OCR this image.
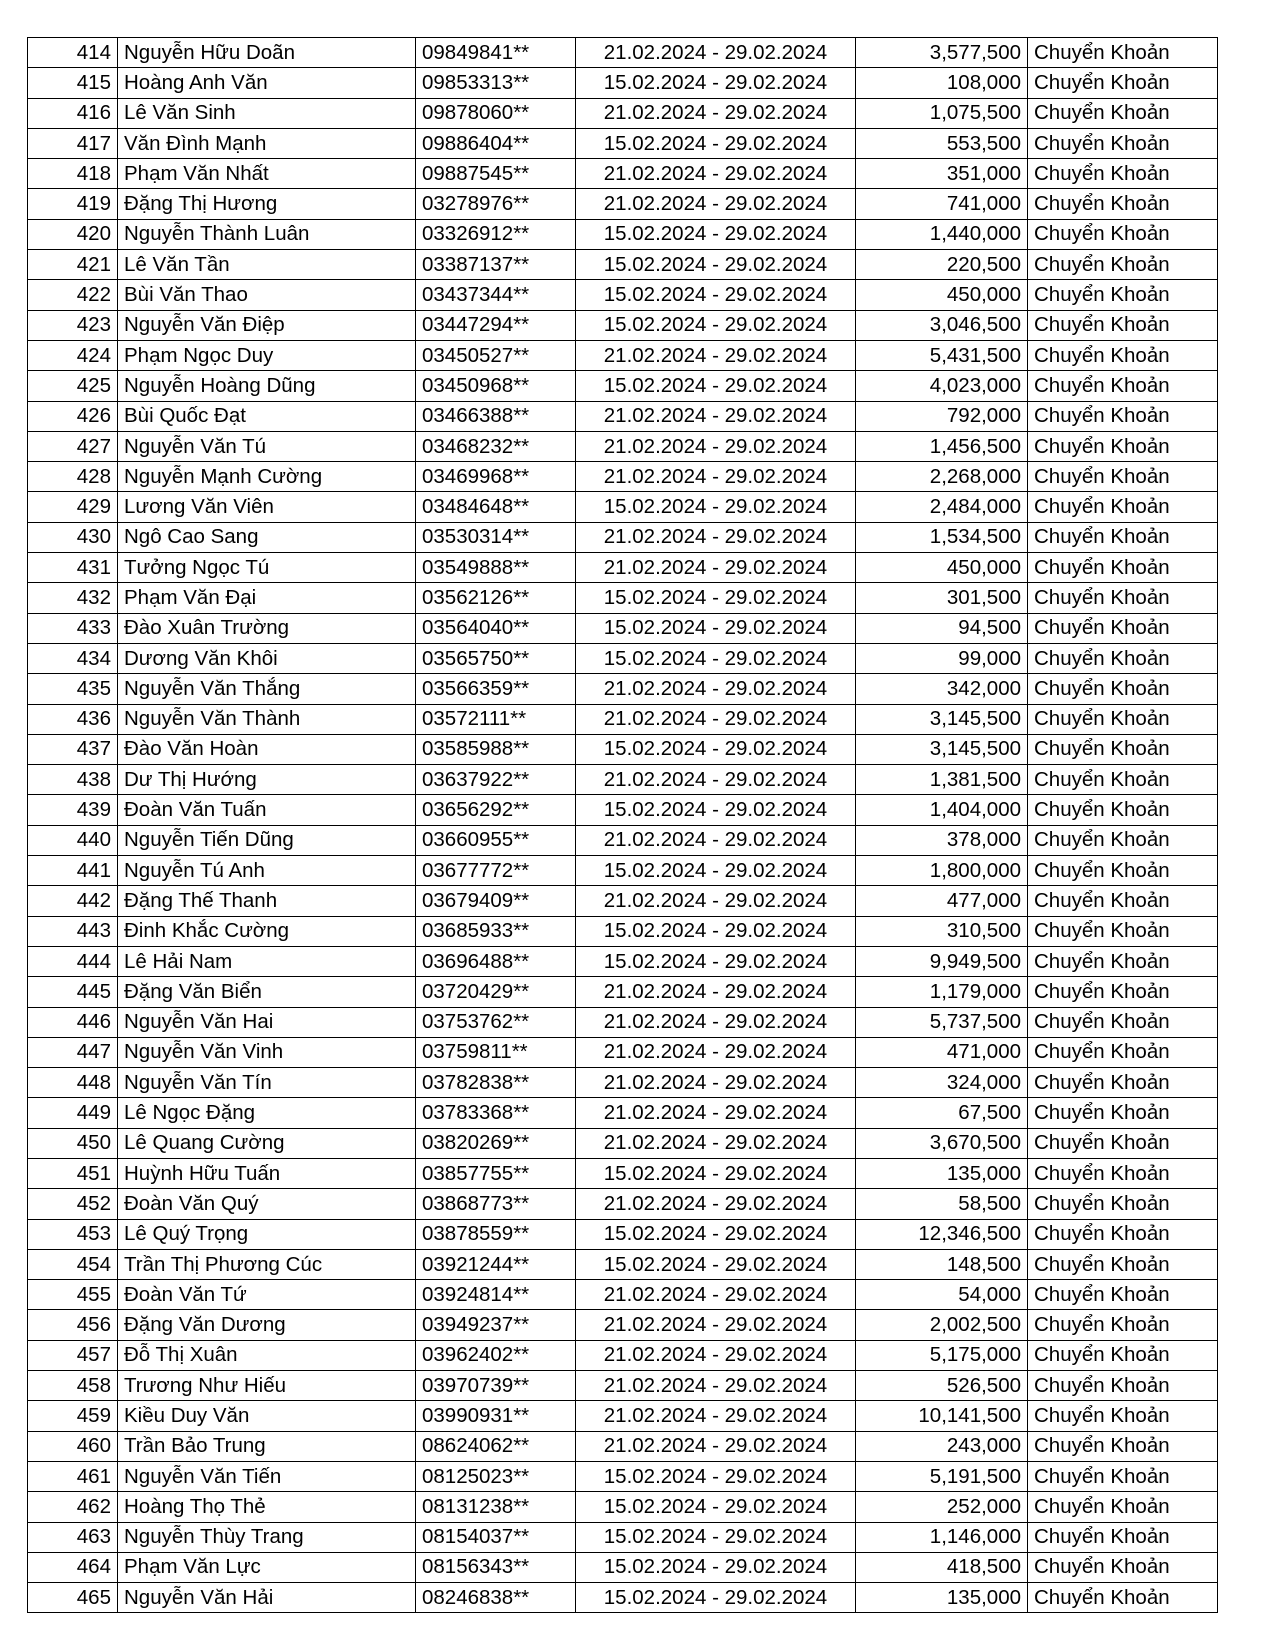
414	Nguyễn Hữu Doãn	09849841**	21.02.2024 - 29.02.2024	3,577,500	Chuyển Khoản
415	Hoàng Anh Văn	09853313**	15.02.2024 - 29.02.2024	108,000	Chuyển Khoản
416	Lê Văn Sinh	09878060**	21.02.2024 - 29.02.2024	1,075,500	Chuyển Khoản
417	Văn Đình Mạnh	09886404**	15.02.2024 - 29.02.2024	553,500	Chuyển Khoản
418	Phạm Văn Nhất	09887545**	21.02.2024 - 29.02.2024	351,000	Chuyển Khoản
419	Đặng Thị Hương	03278976**	21.02.2024 - 29.02.2024	741,000	Chuyển Khoản
420	Nguyễn Thành Luân	03326912**	15.02.2024 - 29.02.2024	1,440,000	Chuyển Khoản
421	Lê Văn Tần	03387137**	15.02.2024 - 29.02.2024	220,500	Chuyển Khoản
422	Bùi Văn Thao	03437344**	15.02.2024 - 29.02.2024	450,000	Chuyển Khoản
423	Nguyễn Văn Điệp	03447294**	15.02.2024 - 29.02.2024	3,046,500	Chuyển Khoản
424	Phạm Ngọc Duy	03450527**	21.02.2024 - 29.02.2024	5,431,500	Chuyển Khoản
425	Nguyễn Hoàng Dũng	03450968**	15.02.2024 - 29.02.2024	4,023,000	Chuyển Khoản
426	Bùi Quốc Đạt	03466388**	21.02.2024 - 29.02.2024	792,000	Chuyển Khoản
427	Nguyễn Văn Tú	03468232**	21.02.2024 - 29.02.2024	1,456,500	Chuyển Khoản
428	Nguyễn Mạnh Cường	03469968**	21.02.2024 - 29.02.2024	2,268,000	Chuyển Khoản
429	Lương Văn Viên	03484648**	15.02.2024 - 29.02.2024	2,484,000	Chuyển Khoản
430	Ngô Cao Sang	03530314**	21.02.2024 - 29.02.2024	1,534,500	Chuyển Khoản
431	Tưởng Ngọc Tú	03549888**	21.02.2024 - 29.02.2024	450,000	Chuyển Khoản
432	Phạm Văn Đại	03562126**	15.02.2024 - 29.02.2024	301,500	Chuyển Khoản
433	Đào Xuân Trường	03564040**	15.02.2024 - 29.02.2024	94,500	Chuyển Khoản
434	Dương Văn Khôi	03565750**	15.02.2024 - 29.02.2024	99,000	Chuyển Khoản
435	Nguyễn Văn Thắng	03566359**	21.02.2024 - 29.02.2024	342,000	Chuyển Khoản
436	Nguyễn Văn Thành	03572111**	21.02.2024 - 29.02.2024	3,145,500	Chuyển Khoản
437	Đào Văn Hoàn	03585988**	15.02.2024 - 29.02.2024	3,145,500	Chuyển Khoản
438	Dư Thị Hướng	03637922**	21.02.2024 - 29.02.2024	1,381,500	Chuyển Khoản
439	Đoàn Văn Tuấn	03656292**	15.02.2024 - 29.02.2024	1,404,000	Chuyển Khoản
440	Nguyễn Tiến Dũng	03660955**	21.02.2024 - 29.02.2024	378,000	Chuyển Khoản
441	Nguyễn Tú Anh	03677772**	15.02.2024 - 29.02.2024	1,800,000	Chuyển Khoản
442	Đặng Thế Thanh	03679409**	21.02.2024 - 29.02.2024	477,000	Chuyển Khoản
443	Đinh Khắc Cường	03685933**	15.02.2024 - 29.02.2024	310,500	Chuyển Khoản
444	Lê Hải Nam	03696488**	15.02.2024 - 29.02.2024	9,949,500	Chuyển Khoản
445	Đặng Văn Biển	03720429**	21.02.2024 - 29.02.2024	1,179,000	Chuyển Khoản
446	Nguyễn Văn Hai	03753762**	21.02.2024 - 29.02.2024	5,737,500	Chuyển Khoản
447	Nguyễn Văn Vinh	03759811**	21.02.2024 - 29.02.2024	471,000	Chuyển Khoản
448	Nguyễn Văn Tín	03782838**	21.02.2024 - 29.02.2024	324,000	Chuyển Khoản
449	Lê Ngọc Đặng	03783368**	21.02.2024 - 29.02.2024	67,500	Chuyển Khoản
450	Lê Quang Cường	03820269**	21.02.2024 - 29.02.2024	3,670,500	Chuyển Khoản
451	Huỳnh Hữu Tuấn	03857755**	15.02.2024 - 29.02.2024	135,000	Chuyển Khoản
452	Đoàn Văn Quý	03868773**	21.02.2024 - 29.02.2024	58,500	Chuyển Khoản
453	Lê Quý Trọng	03878559**	15.02.2024 - 29.02.2024	12,346,500	Chuyển Khoản
454	Trần Thị Phương Cúc	03921244**	15.02.2024 - 29.02.2024	148,500	Chuyển Khoản
455	Đoàn Văn Tứ	03924814**	21.02.2024 - 29.02.2024	54,000	Chuyển Khoản
456	Đặng Văn Dương	03949237**	21.02.2024 - 29.02.2024	2,002,500	Chuyển Khoản
457	Đỗ Thị Xuân	03962402**	21.02.2024 - 29.02.2024	5,175,000	Chuyển Khoản
458	Trương Như Hiếu	03970739**	21.02.2024 - 29.02.2024	526,500	Chuyển Khoản
459	Kiều Duy Văn	03990931**	21.02.2024 - 29.02.2024	10,141,500	Chuyển Khoản
460	Trần Bảo Trung	08624062**	21.02.2024 - 29.02.2024	243,000	Chuyển Khoản
461	Nguyễn Văn Tiến	08125023**	15.02.2024 - 29.02.2024	5,191,500	Chuyển Khoản
462	Hoàng Thọ Thẻ	08131238**	15.02.2024 - 29.02.2024	252,000	Chuyển Khoản
463	Nguyễn Thùy Trang	08154037**	15.02.2024 - 29.02.2024	1,146,000	Chuyển Khoản
464	Phạm Văn Lực	08156343**	15.02.2024 - 29.02.2024	418,500	Chuyển Khoản
465	Nguyễn Văn Hải	08246838**	15.02.2024 - 29.02.2024	135,000	Chuyển Khoản
